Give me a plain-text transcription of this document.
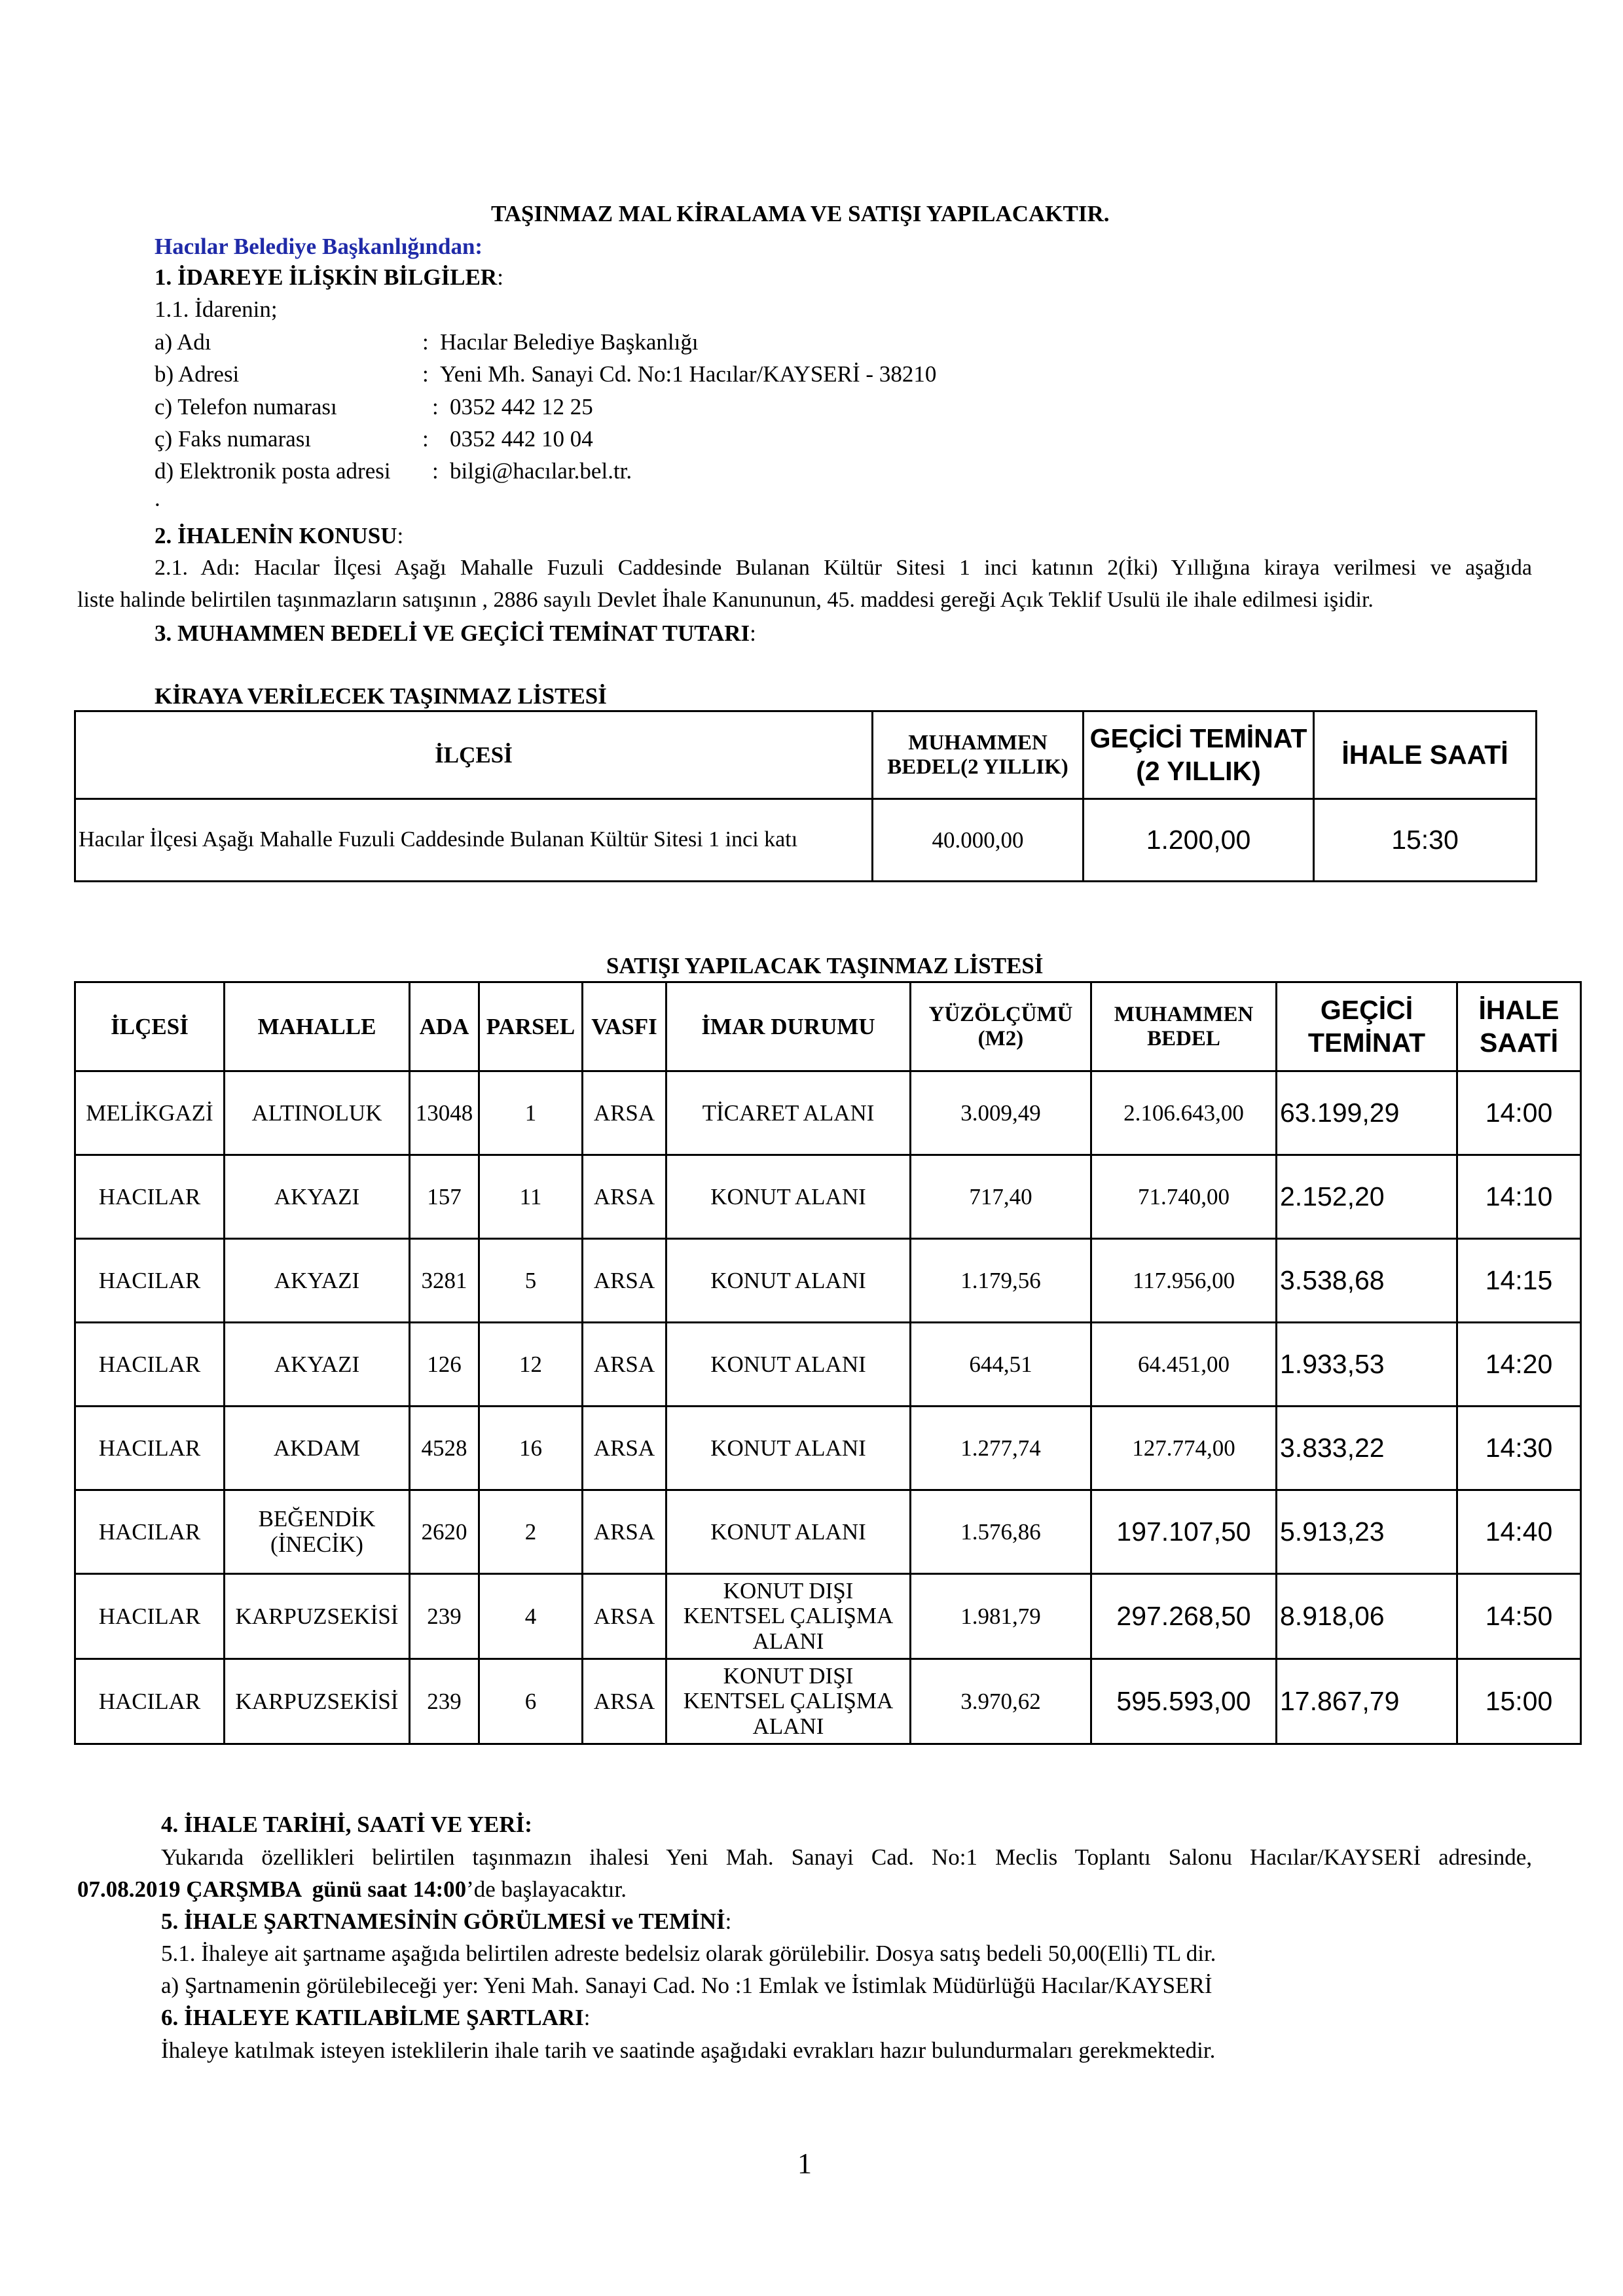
TAŞINMAZ MAL KİRALAMA VE SATIŞI YAPILACAKTIR.
Hacılar Belediye Başkanlığından:
1. İDAREYE İLİŞKİN BİLGİLER:
1.1. İdarenin;
a) Adı	: Hacılar Belediye Başkanlığı
b) Adresi	: Yeni Mh. Sanayi Cd. No:1 Hacılar/KAYSERİ - 38210
c) Telefon numarası	: 0352 442 12 25
ç) Faks numarası	: 0352 442 10 04
d) Elektronik posta adresi : bilgi@hacılar.bel.tr.
.
2. İHALENİN KONUSU:
2.1. Adı: Hacılar İlçesi Aşağı Mahalle Fuzuli Caddesinde Bulanan Kültür Sitesi 1 inci katının 2(İki) Yıllığına kiraya verilmesi ve aşağıda
liste halinde belirtilen taşınmazların satışının , 2886 sayılı Devlet İhale Kanununun, 45. maddesi gereği Açık Teklif Usulü ile ihale edilmesi işidir.
3. MUHAMMEN BEDELİ VE GEÇİCİ TEMİNAT TUTARI:
KİRAYA VERİLECEK TAŞINMAZ LİSTESİ
İLÇESİ	MUHAMMEN BEDEL(2 YILLIK)	GEÇİCİ TEMİNAT (2 YILLIK)	İHALE SAATİ
Hacılar İlçesi Aşağı Mahalle Fuzuli Caddesinde Bulanan Kültür Sitesi 1 inci katı	40.000,00	1.200,00	15:30
SATIŞI YAPILACAK TAŞINMAZ LİSTESİ
İLÇESİ	MAHALLE	ADA	PARSEL	VASFI	İMAR DURUMU	YÜZÖLÇÜMÜ (M2)	MUHAMMEN BEDEL	GEÇİCİ TEMİNAT	İHALE SAATİ
MELİKGAZİ	ALTINOLUK	13048	1	ARSA	TİCARET ALANI	3.009,49	2.106.643,00	63.199,29	14:00
HACILAR	AKYAZI	157	11	ARSA	KONUT ALANI	717,40	71.740,00	2.152,20	14:10
HACILAR	AKYAZI	3281	5	ARSA	KONUT ALANI	1.179,56	117.956,00	3.538,68	14:15
HACILAR	AKYAZI	126	12	ARSA	KONUT ALANI	644,51	64.451,00	1.933,53	14:20
HACILAR	AKDAM	4528	16	ARSA	KONUT ALANI	1.277,74	127.774,00	3.833,22	14:30
HACILAR	BEĞENDİK (İNECİK)	2620	2	ARSA	KONUT ALANI	1.576,86	197.107,50	5.913,23	14:40
HACILAR	KARPUZSEKİSİ	239	4	ARSA	KONUT DIŞI KENTSEL ÇALIŞMA ALANI	1.981,79	297.268,50	8.918,06	14:50
HACILAR	KARPUZSEKİSİ	239	6	ARSA	KONUT DIŞI KENTSEL ÇALIŞMA ALANI	3.970,62	595.593,00	17.867,79	15:00
4. İHALE TARİHİ, SAATİ VE YERİ:
Yukarıda özellikleri belirtilen taşınmazın ihalesi Yeni Mah. Sanayi Cad. No:1 Meclis Toplantı Salonu Hacılar/KAYSERİ adresinde,
07.08.2019 ÇARŞMBA  günü saat 14:00’de başlayacaktır.
5. İHALE ŞARTNAMESİNİN GÖRÜLMESİ ve TEMİNİ:
5.1. İhaleye ait şartname aşağıda belirtilen adreste bedelsiz olarak görülebilir. Dosya satış bedeli 50,00(Elli) TL dir.
a) Şartnamenin görülebileceği yer: Yeni Mah. Sanayi Cad. No :1 Emlak ve İstimlak Müdürlüğü Hacılar/KAYSERİ
6. İHALEYE KATILABİLME ŞARTLARI:
İhaleye katılmak isteyen isteklilerin ihale tarih ve saatinde aşağıdaki evrakları hazır bulundurmaları gerekmektedir.
1
